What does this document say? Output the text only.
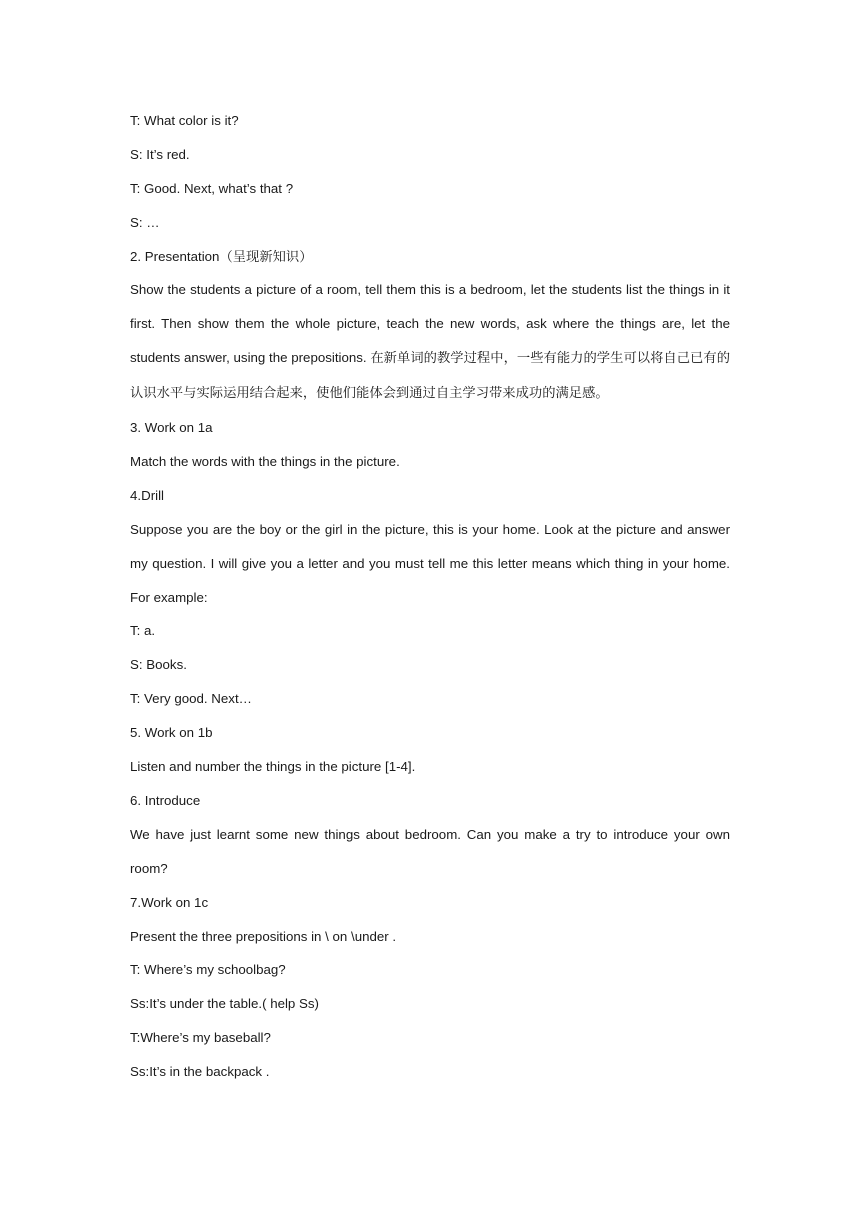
T: What color is it?
S: It’s red.
T: Good. Next, what’s that ?
S: …
2. Presentation（呈现新知识）
Show the students a picture of a room, tell them this is a bedroom, let the students list the things in it first. Then show them the whole picture, teach the new words, ask where the things are, let the students answer, using the prepositions. 在新单词的教学过程中，一些有能力的学生可以将自己已有的认识水平与实际运用结合起来，使他们能体会到通过自主学习带来成功的满足感。
3. Work on 1a
Match the words with the things in the picture.
4.Drill
Suppose you are the boy or the girl in the picture, this is your home. Look at the picture and answer my question. I will give you a letter and you must tell me this letter means which thing in your home. For example:
T: a.
S: Books.
T: Very good. Next…
5. Work on 1b
Listen and number the things in the picture [1-4].
6. Introduce
We have just learnt some new things about bedroom. Can you make a try to introduce your own room?
7.Work on 1c
Present the three prepositions in \ on \under .
T: Where’s my schoolbag?
Ss:It’s under the table.( help Ss)
T:Where’s my baseball?
Ss:It’s in the backpack .
